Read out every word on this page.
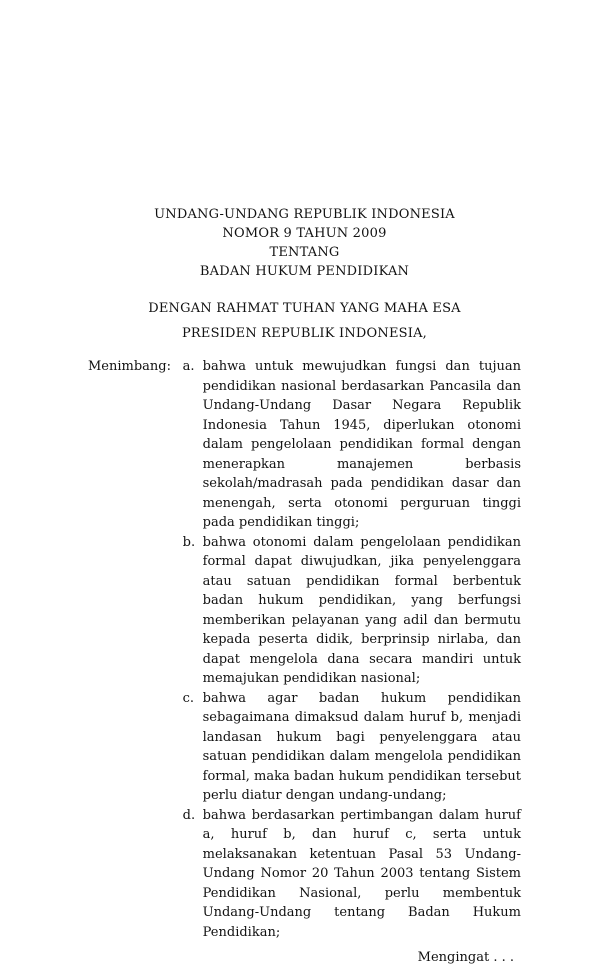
UNDANG-UNDANG REPUBLIK INDONESIA
NOMOR 9 TAHUN 2009
TENTANG
BADAN HUKUM PENDIDIKAN
DENGAN RAHMAT TUHAN YANG MAHA ESA
PRESIDEN REPUBLIK INDONESIA,
Menimbang : a. bahwa untuk mewujudkan fungsi dan tujuan pendidikan nasional berdasarkan Pancasila dan Undang-Undang Dasar Negara Republik Indonesia Tahun 1945, diperlukan otonomi dalam pengelolaan pendidikan formal dengan menerapkan manajemen berbasis sekolah/madrasah pada pendidikan dasar dan menengah, serta otonomi perguruan tinggi pada pendidikan tinggi;
b. bahwa otonomi dalam pengelolaan pendidikan formal dapat diwujudkan, jika penyelenggara atau satuan pendidikan formal berbentuk badan hukum pendidikan, yang berfungsi memberikan pelayanan yang adil dan bermutu kepada peserta didik, berprinsip nirlaba, dan dapat mengelola dana secara mandiri untuk memajukan pendidikan nasional;
c. bahwa agar badan hukum pendidikan sebagaimana dimaksud dalam huruf b, menjadi landasan hukum bagi penyelenggara atau satuan pendidikan dalam mengelola pendidikan formal, maka badan hukum pendidikan tersebut perlu diatur dengan undang-undang;
d. bahwa berdasarkan pertimbangan dalam huruf a, huruf b, dan huruf c, serta untuk melaksanakan ketentuan Pasal 53 Undang-Undang Nomor 20 Tahun 2003 tentang Sistem Pendidikan Nasional, perlu membentuk Undang-Undang tentang Badan Hukum Pendidikan;
Mengingat . . .
